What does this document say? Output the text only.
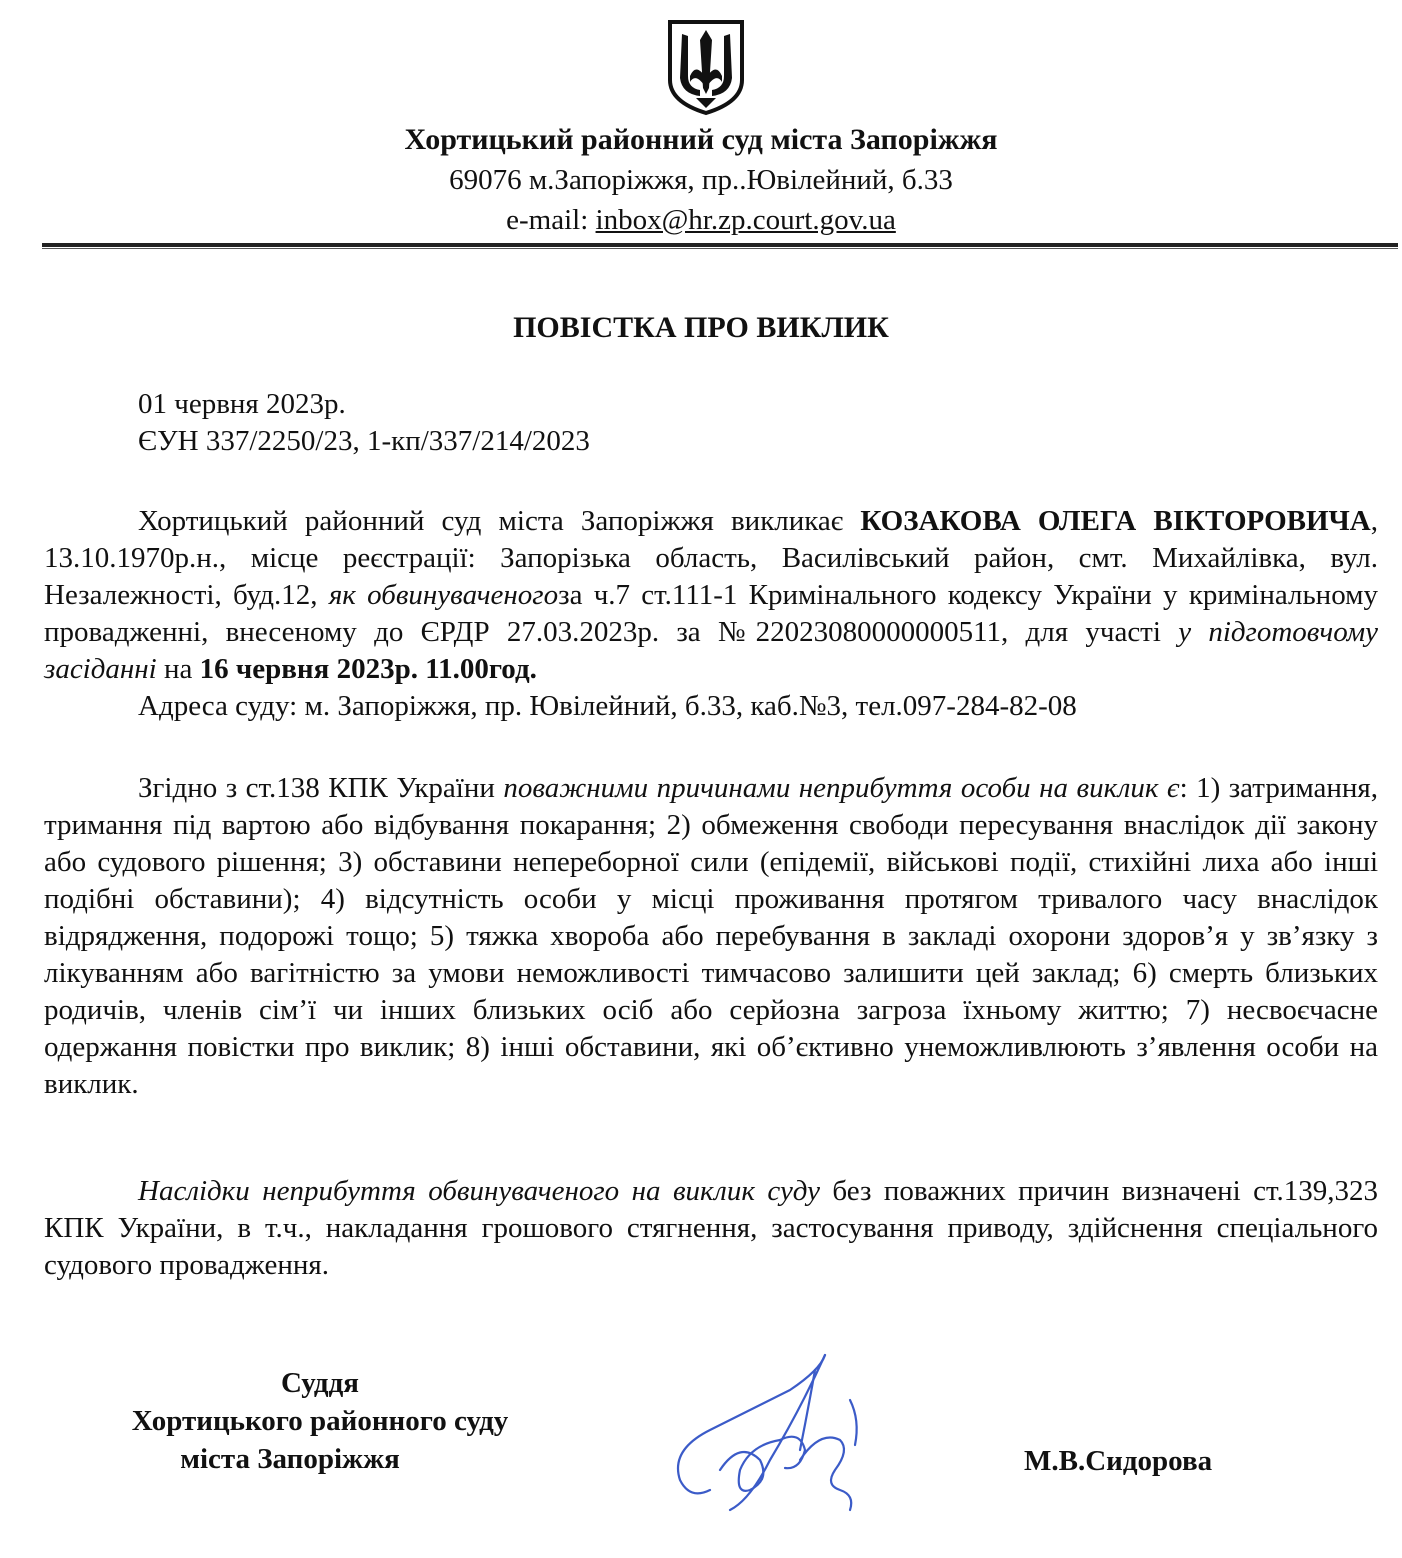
Хортицький районний суд міста Запоріжжя
69076 м.Запоріжжя, пр..Ювілейний, б.33
e-mail: inbox@hr.zp.court.gov.ua
ПОВІСТКА ПРО ВИКЛИК
01 червня 2023р.
ЄУН 337/2250/23, 1-кп/337/214/2023
Хортицький районний суд міста Запоріжжя викликає КОЗАКОВА ОЛЕГА ВІКТОРОВИЧА, 13.10.1970р.н., місце реєстрації: Запорізька область, Василівський район, смт. Михайлівка, вул. Незалежності, буд.12, як обвинуваченогоза ч.7 ст.111-1 Кримінального кодексу України у кримінальному провадженні, внесеному до ЄРДР 27.03.2023р. за №22023080000000511, для участі у підготовчому засіданні на 16 червня 2023р. 11.00год.
Адреса суду: м. Запоріжжя, пр. Ювілейний, б.33, каб.№3, тел.097-284-82-08
Згідно з ст.138 КПК України поважними причинами неприбуття особи на виклик є: 1) затримання, тримання під вартою або відбування покарання; 2) обмеження свободи пересування внаслідок дії закону або судового рішення; 3) обставини непереборної сили (епідемії, військові події, стихійні лиха або інші подібні обставини); 4) відсутність особи у місці проживання протягом тривалого часу внаслідок відрядження, подорожі тощо; 5) тяжка хвороба або перебування в закладі охорони здоров’я у зв’язку з лікуванням або вагітністю за умови неможливості тимчасово залишити цей заклад; 6) смерть близьких родичів, членів сім’ї чи інших близьких осіб або серйозна загроза їхньому життю; 7) несвоєчасне одержання повістки про виклик; 8) інші обставини, які об’єктивно унеможливлюють з’явлення особи на виклик.
Наслідки неприбуття обвинуваченого на виклик суду без поважних причин визначені ст.139,323 КПК України, в т.ч., накладання грошового стягнення, застосування приводу, здійснення спеціального судового провадження.
Суддя
Хортицького районного суду
міста Запоріжжя	М.В.Сидорова
